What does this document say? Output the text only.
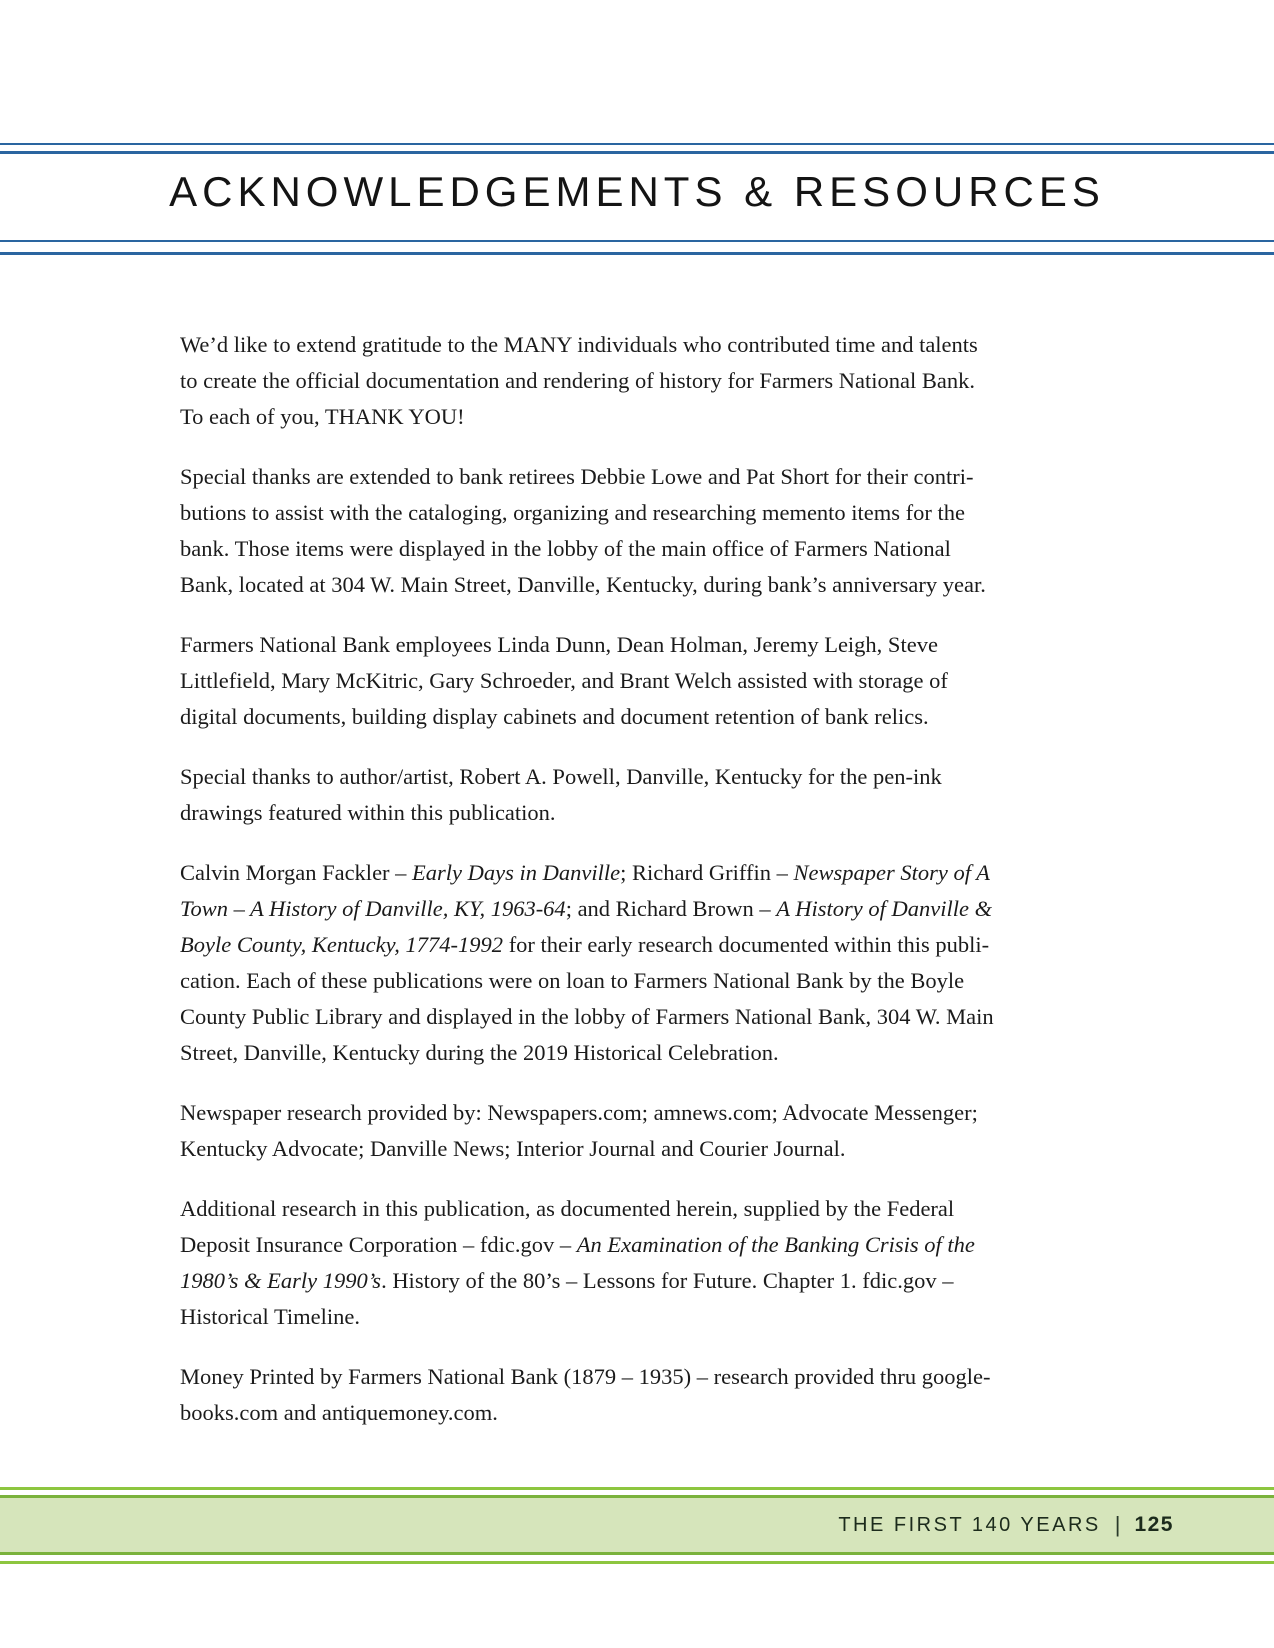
ACKNOWLEDGEMENTS & RESOURCES
We’d like to extend gratitude to the MANY individuals who contributed time and talents
to create the official documentation and rendering of history for Farmers National Bank.
To each of you, THANK YOU!
Special thanks are extended to bank retirees Debbie Lowe and Pat Short for their contri-
butions to assist with the cataloging, organizing and researching memento items for the
bank. Those items were displayed in the lobby of the main office of Farmers National
Bank, located at 304 W. Main Street, Danville, Kentucky, during bank’s anniversary year.
Farmers National Bank employees Linda Dunn, Dean Holman, Jeremy Leigh, Steve
Littlefield, Mary McKitric, Gary Schroeder, and Brant Welch assisted with storage of
digital documents, building display cabinets and document retention of bank relics.
Special thanks to author/artist, Robert A. Powell, Danville, Kentucky for the pen-ink
drawings featured within this publication.
Calvin Morgan Fackler – Early Days in Danville; Richard Griffin – Newspaper Story of A
Town – A History of Danville, KY, 1963-64; and Richard Brown – A History of Danville &
Boyle County, Kentucky, 1774-1992 for their early research documented within this publi-
cation. Each of these publications were on loan to Farmers National Bank by the Boyle
County Public Library and displayed in the lobby of Farmers National Bank, 304 W. Main
Street, Danville, Kentucky during the 2019 Historical Celebration.
Newspaper research provided by: Newspapers.com; amnews.com; Advocate Messenger;
Kentucky Advocate; Danville News; Interior Journal and Courier Journal.
Additional research in this publication, as documented herein, supplied by the Federal
Deposit Insurance Corporation – fdic.gov – An Examination of the Banking Crisis of the
1980’s & Early 1990’s. History of the 80’s – Lessons for Future. Chapter 1. fdic.gov –
Historical Timeline.
Money Printed by Farmers National Bank (1879 – 1935) – research provided thru google-
books.com and antiquemoney.com.
THE FIRST 140 YEARS | 125
